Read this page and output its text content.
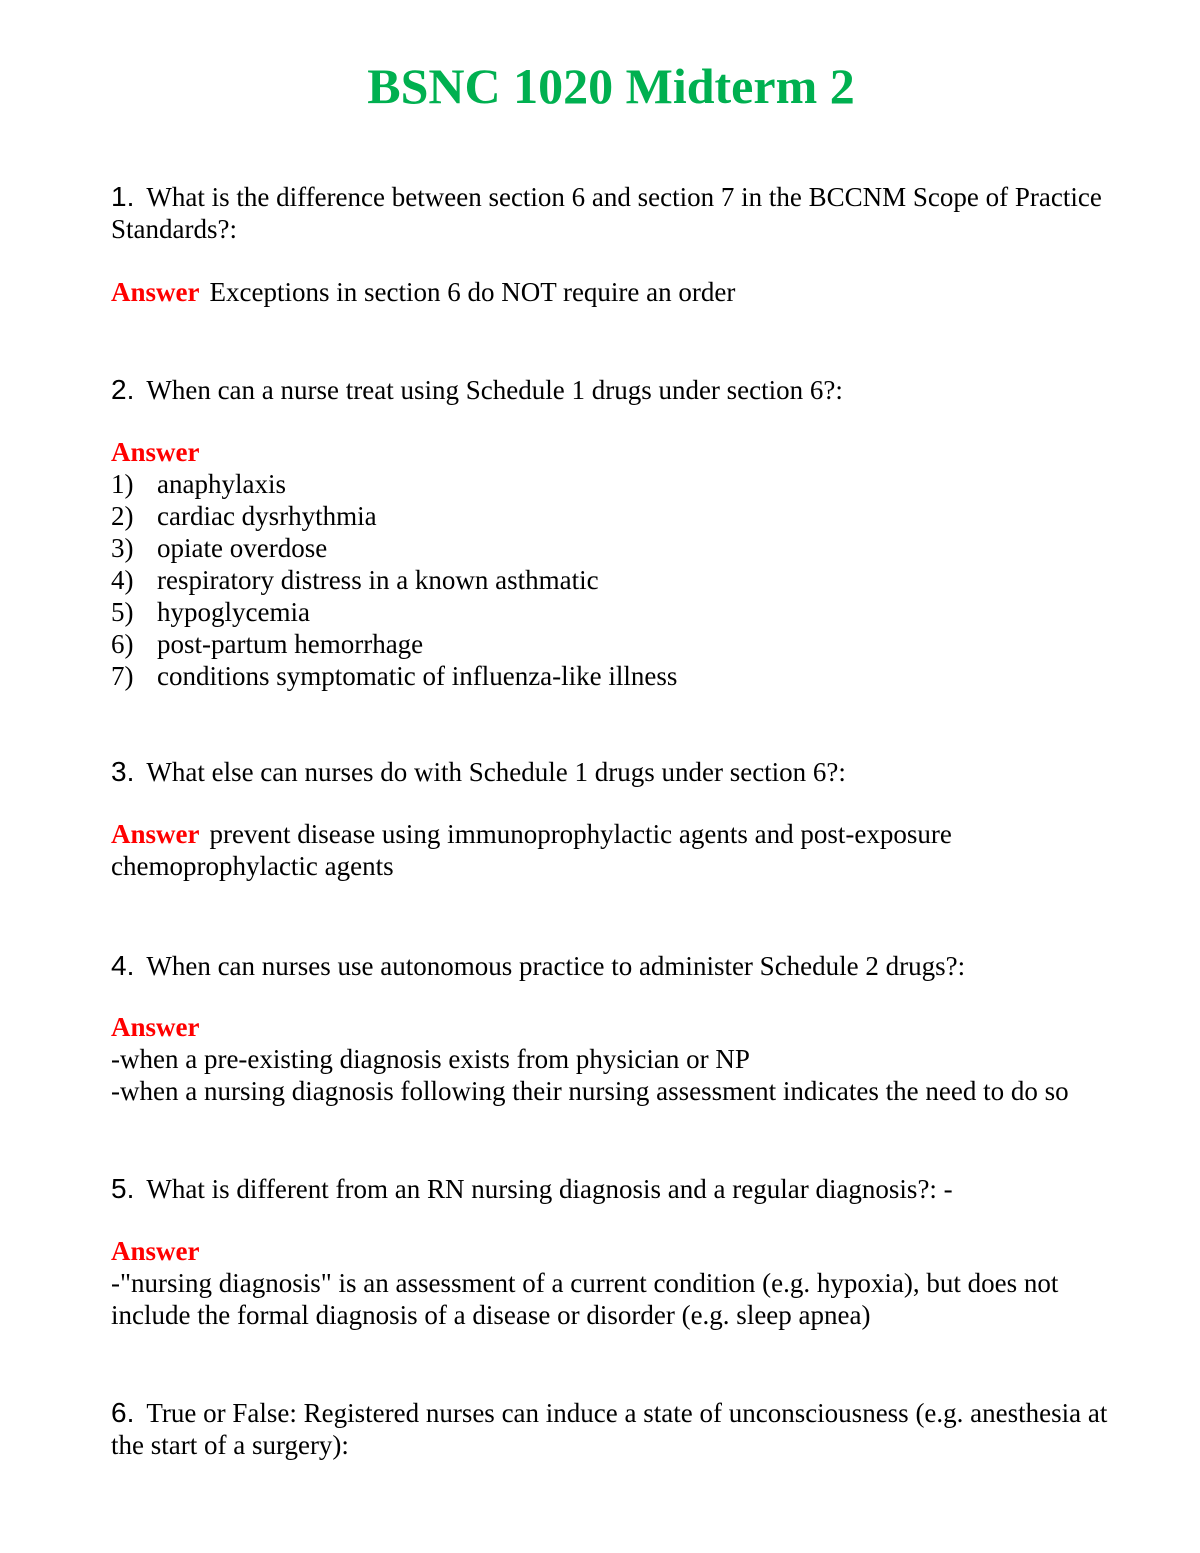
BSNC 1020 Midterm 2
1. What is the difference between section 6 and section 7 in the BCCNM Scope of Practice Standards?:
Answer Exceptions in section 6 do NOT require an order
2. When can a nurse treat using Schedule 1 drugs under section 6?:
Answer
1) anaphylaxis
2) cardiac dysrhythmia
3) opiate overdose
4) respiratory distress in a known asthmatic
5) hypoglycemia
6) post-partum hemorrhage
7) conditions symptomatic of influenza-like illness
3. What else can nurses do with Schedule 1 drugs under section 6?:
Answer prevent disease using immunoprophylactic agents and post-exposure chemoprophylactic agents
4. When can nurses use autonomous practice to administer Schedule 2 drugs?:
Answer
-when a pre-existing diagnosis exists from physician or NP
-when a nursing diagnosis following their nursing assessment indicates the need to do so
5. What is different from an RN nursing diagnosis and a regular diagnosis?: -
Answer
-"nursing diagnosis" is an assessment of a current condition (e.g. hypoxia), but does not
include the formal diagnosis of a disease or disorder (e.g. sleep apnea)
6. True or False: Registered nurses can induce a state of unconsciousness (e.g. anesthesia at the start of a surgery):
